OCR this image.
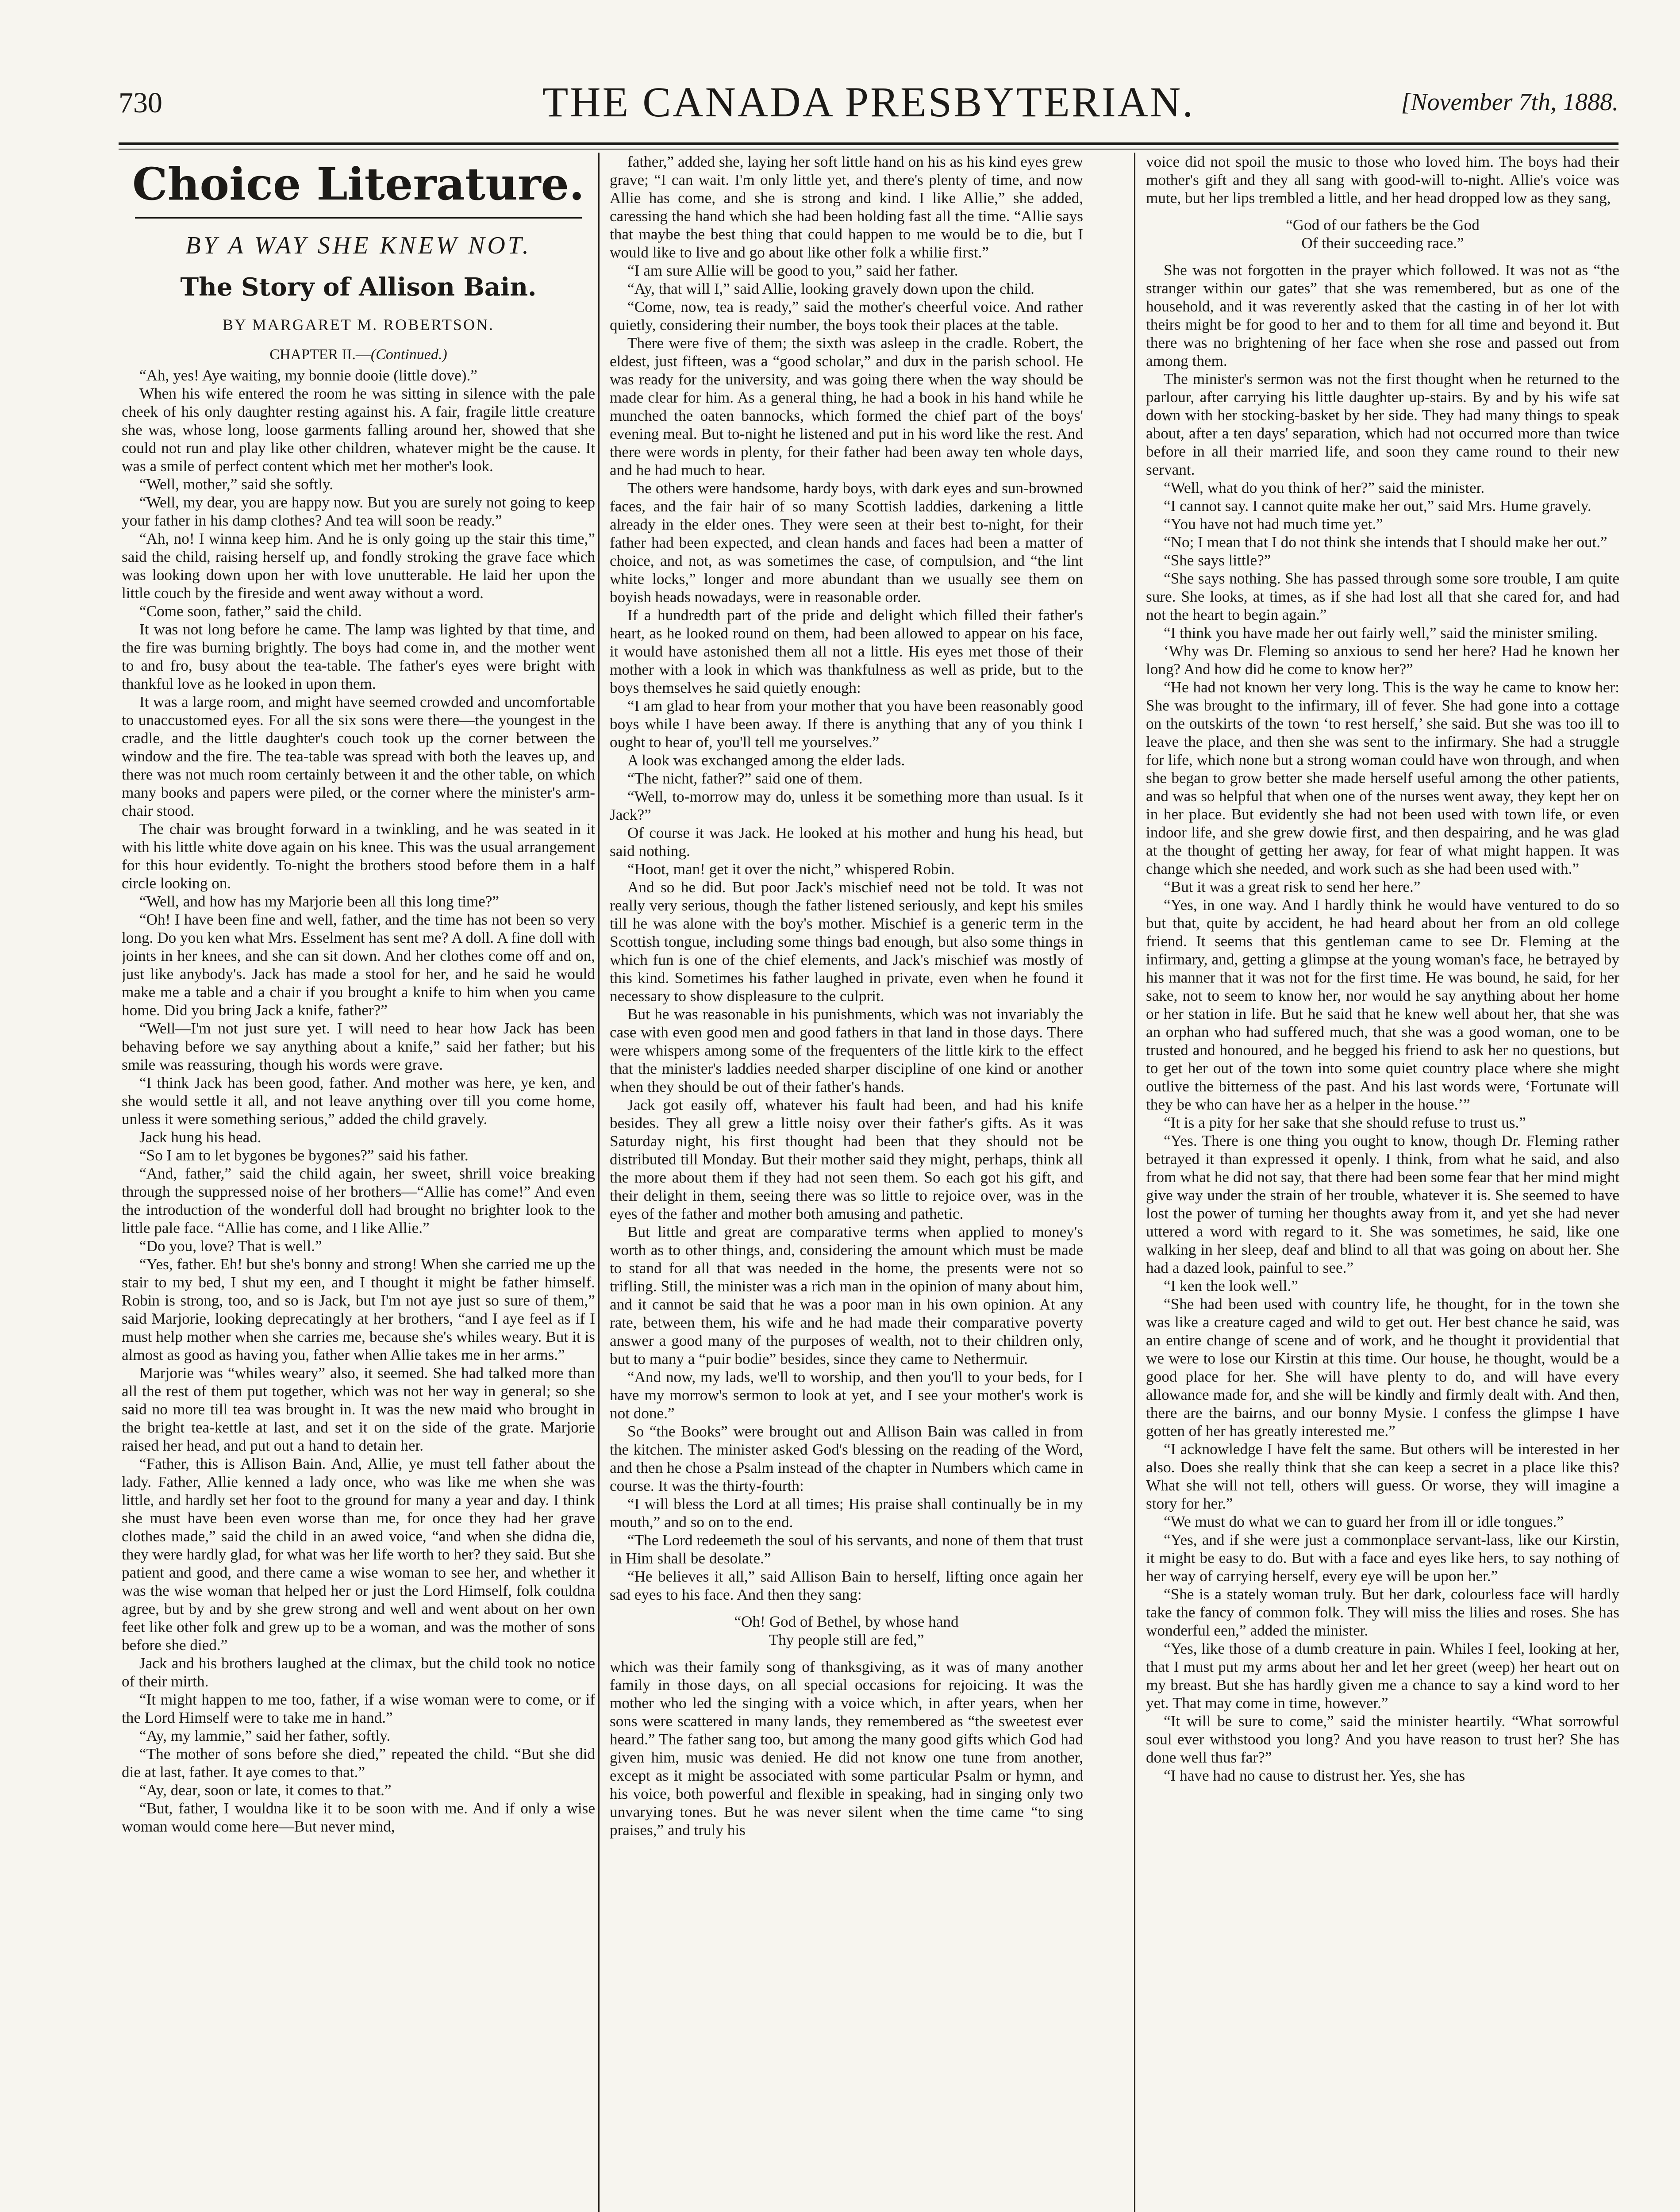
730	THE CANADA PRESBYTERIAN.	[November 7th, 1888.
Choice Literature.
BY A WAY SHE KNEW NOT.
The Story of Allison Bain.
BY MARGARET M. ROBERTSON.
CHAPTER II.—(Continued.)

“Ah, yes! Aye waiting, my bonnie dooie (little dove).”

When his wife entered the room he was sitting in silence with the pale cheek of his only daughter resting against his. A fair, fragile little creature she was, whose long, loose garments falling around her, showed that she could not run and play like other children, whatever might be the cause. It was a smile of perfect content which met her mother's look.

“Well, mother,” said she softly.

“Well, my dear, you are happy now. But you are surely not going to keep your father in his damp clothes? And tea will soon be ready.”

“Ah, no! I winna keep him. And he is only going up the stair this time,” said the child, raising herself up, and fondly stroking the grave face which was looking down upon her with love unutterable. He laid her upon the little couch by the fireside and went away without a word.

“Come soon, father,” said the child.

It was not long before he came. The lamp was lighted by that time, and the fire was burning brightly. The boys had come in, and the mother went to and fro, busy about the tea-table. The father's eyes were bright with thankful love as he looked in upon them.

It was a large room, and might have seemed crowded and uncomfortable to unaccustomed eyes. For all the six sons were there—the youngest in the cradle, and the little daughter's couch took up the corner between the window and the fire. The tea-table was spread with both the leaves up, and there was not much room certainly between it and the other table, on which many books and papers were piled, or the corner where the minister's arm-chair stood.

The chair was brought forward in a twinkling, and he was seated in it with his little white dove again on his knee. This was the usual arrangement for this hour evidently. To-night the brothers stood before them in a half circle looking on.

“Well, and how has my Marjorie been all this long time?”

“Oh! I have been fine and well, father, and the time has not been so very long. Do you ken what Mrs. Esselment has sent me? A doll. A fine doll with joints in her knees, and she can sit down. And her clothes come off and on, just like anybody's. Jack has made a stool for her, and he said he would make me a table and a chair if you brought a knife to him when you came home. Did you bring Jack a knife, father?”

“Well—I'm not just sure yet. I will need to hear how Jack has been behaving before we say anything about a knife,” said her father; but his smile was reassuring, though his words were grave.

“I think Jack has been good, father. And mother was here, ye ken, and she would settle it all, and not leave anything over till you come home, unless it were something serious,” added the child gravely.

Jack hung his head.

“So I am to let bygones be bygones?” said his father.

“And, father,” said the child again, her sweet, shrill voice breaking through the suppressed noise of her brothers—“Allie has come!” And even the introduction of the wonderful doll had brought no brighter look to the little pale face. “Allie has come, and I like Allie.”

“Do you, love? That is well.”

“Yes, father. Eh! but she's bonny and strong! When she carried me up the stair to my bed, I shut my een, and I thought it might be father himself. Robin is strong, too, and so is Jack, but I'm not aye just so sure of them,” said Marjorie, looking deprecatingly at her brothers, “and I aye feel as if I must help mother when she carries me, because she's whiles weary. But it is almost as good as having you, father when Allie takes me in her arms.”

Marjorie was “whiles weary” also, it seemed. She had talked more than all the rest of them put together, which was not her way in general; so she said no more till tea was brought in. It was the new maid who brought in the bright tea-kettle at last, and set it on the side of the grate. Marjorie raised her head, and put out a hand to detain her.

“Father, this is Allison Bain. And, Allie, ye must tell father about the lady. Father, Allie kenned a lady once, who was like me when she was little, and hardly set her foot to the ground for many a year and day. I think she must have been even worse than me, for once they had her grave clothes made,” said the child in an awed voice, “and when she didna die, they were hardly glad, for what was her life worth to her? they said. But she patient and good, and there came a wise woman to see her, and whether it was the wise woman that helped her or just the Lord Himself, folk couldna agree, but by and by she grew strong and well and went about on her own feet like other folk and grew up to be a woman, and was the mother of sons before she died.”

Jack and his brothers laughed at the climax, but the child took no notice of their mirth.

“It might happen to me too, father, if a wise woman were to come, or if the Lord Himself were to take me in hand.”

“Ay, my lammie,” said her father, softly.

“The mother of sons before she died,” repeated the child. “But she did die at last, father. It aye comes to that.”

“Ay, dear, soon or late, it comes to that.”

“But, father, I wouldna like it to be soon with me. And if only a wise woman would come here—But never mind,

father,” added she, laying her soft little hand on his as his kind eyes grew grave; “I can wait. I'm only little yet, and there's plenty of time, and now Allie has come, and she is strong and kind. I like Allie,” she added, caressing the hand which she had been holding fast all the time. “Allie says that maybe the best thing that could happen to me would be to die, but I would like to live and go about like other folk a whilie first.”

“I am sure Allie will be good to you,” said her father.

“Ay, that will I,” said Allie, looking gravely down upon the child.

“Come, now, tea is ready,” said the mother's cheerful voice. And rather quietly, considering their number, the boys took their places at the table.

There were five of them; the sixth was asleep in the cradle. Robert, the eldest, just fifteen, was a “good scholar,” and dux in the parish school. He was ready for the university, and was going there when the way should be made clear for him. As a general thing, he had a book in his hand while he munched the oaten bannocks, which formed the chief part of the boys' evening meal. But to-night he listened and put in his word like the rest. And there were words in plenty, for their father had been away ten whole days, and he had much to hear.

The others were handsome, hardy boys, with dark eyes and sun-browned faces, and the fair hair of so many Scottish laddies, darkening a little already in the elder ones. They were seen at their best to-night, for their father had been expected, and clean hands and faces had been a matter of choice, and not, as was sometimes the case, of compulsion, and “the lint white locks,” longer and more abundant than we usually see them on boyish heads nowadays, were in reasonable order.

If a hundredth part of the pride and delight which filled their father's heart, as he looked round on them, had been allowed to appear on his face, it would have astonished them all not a little. His eyes met those of their mother with a look in which was thankfulness as well as pride, but to the boys themselves he said quietly enough:

“I am glad to hear from your mother that you have been reasonably good boys while I have been away. If there is anything that any of you think I ought to hear of, you'll tell me yourselves.”

A look was exchanged among the elder lads.

“The nicht, father?” said one of them.

“Well, to-morrow may do, unless it be something more than usual. Is it Jack?”

Of course it was Jack. He looked at his mother and hung his head, but said nothing.

“Hoot, man! get it over the nicht,” whispered Robin.

And so he did. But poor Jack's mischief need not be told. It was not really very serious, though the father listened seriously, and kept his smiles till he was alone with the boy's mother. Mischief is a generic term in the Scottish tongue, including some things bad enough, but also some things in which fun is one of the chief elements, and Jack's mischief was mostly of this kind. Sometimes his father laughed in private, even when he found it necessary to show displeasure to the culprit.

But he was reasonable in his punishments, which was not invariably the case with even good men and good fathers in that land in those days. There were whispers among some of the frequenters of the little kirk to the effect that the minister's laddies needed sharper discipline of one kind or another when they should be out of their father's hands.

Jack got easily off, whatever his fault had been, and had his knife besides. They all grew a little noisy over their father's gifts. As it was Saturday night, his first thought had been that they should not be distributed till Monday. But their mother said they might, perhaps, think all the more about them if they had not seen them. So each got his gift, and their delight in them, seeing there was so little to rejoice over, was in the eyes of the father and mother both amusing and pathetic.

But little and great are comparative terms when applied to money's worth as to other things, and, considering the amount which must be made to stand for all that was needed in the home, the presents were not so trifling. Still, the minister was a rich man in the opinion of many about him, and it cannot be said that he was a poor man in his own opinion. At any rate, between them, his wife and he had made their comparative poverty answer a good many of the purposes of wealth, not to their children only, but to many a “puir bodie” besides, since they came to Nethermuir.

“And now, my lads, we'll to worship, and then you'll to your beds, for I have my morrow's sermon to look at yet, and I see your mother's work is not done.”

So “the Books” were brought out and Allison Bain was called in from the kitchen. The minister asked God's blessing on the reading of the Word, and then he chose a Psalm instead of the chapter in Numbers which came in course. It was the thirty-fourth:

“I will bless the Lord at all times; His praise shall continually be in my mouth,” and so on to the end.

“The Lord redeemeth the soul of his servants, and none of them that trust in Him shall be desolate.”

“He believes it all,” said Allison Bain to herself, lifting once again her sad eyes to his face. And then they sang:

“Oh! God of Bethel, by whose hand
Thy people still are fed,”

which was their family song of thanksgiving, as it was of many another family in those days, on all special occasions for rejoicing. It was the mother who led the singing with a voice which, in after years, when her sons were scattered in many lands, they remembered as “the sweetest ever heard.” The father sang too, but among the many good gifts which God had given him, music was denied. He did not know one tune from another, except as it might be associated with some particular Psalm or hymn, and his voice, both powerful and flexible in speaking, had in singing only two unvarying tones. But he was never silent when the time came “to sing praises,” and truly his

voice did not spoil the music to those who loved him. The boys had their mother's gift and they all sang with good-will to-night. Allie's voice was mute, but her lips trembled a little, and her head dropped low as they sang,

“God of our fathers be the God
Of their succeeding race.”

She was not forgotten in the prayer which followed. It was not as “the stranger within our gates” that she was remembered, but as one of the household, and it was reverently asked that the casting in of her lot with theirs might be for good to her and to them for all time and beyond it. But there was no brightening of her face when she rose and passed out from among them.

The minister's sermon was not the first thought when he returned to the parlour, after carrying his little daughter up-stairs. By and by his wife sat down with her stocking-basket by her side. They had many things to speak about, after a ten days' separation, which had not occurred more than twice before in all their married life, and soon they came round to their new servant.

“Well, what do you think of her?” said the minister.

“I cannot say. I cannot quite make her out,” said Mrs. Hume gravely.

“You have not had much time yet.”

“No; I mean that I do not think she intends that I should make her out.”

“She says little?”

“She says nothing. She has passed through some sore trouble, I am quite sure. She looks, at times, as if she had lost all that she cared for, and had not the heart to begin again.”

“I think you have made her out fairly well,” said the minister smiling.

‘Why was Dr. Fleming so anxious to send her here? Had he known her long? And how did he come to know her?”

“He had not known her very long. This is the way he came to know her: She was brought to the infirmary, ill of fever. She had gone into a cottage on the outskirts of the town ‘to rest herself,’ she said. But she was too ill to leave the place, and then she was sent to the infirmary. She had a struggle for life, which none but a strong woman could have won through, and when she began to grow better she made herself useful among the other patients, and was so helpful that when one of the nurses went away, they kept her on in her place. But evidently she had not been used with town life, or even indoor life, and she grew dowie first, and then despairing, and he was glad at the thought of getting her away, for fear of what might happen. It was change which she needed, and work such as she had been used with.”

“But it was a great risk to send her here.”

“Yes, in one way. And I hardly think he would have ventured to do so but that, quite by accident, he had heard about her from an old college friend. It seems that this gentleman came to see Dr. Fleming at the infirmary, and, getting a glimpse at the young woman's face, he betrayed by his manner that it was not for the first time. He was bound, he said, for her sake, not to seem to know her, nor would he say anything about her home or her station in life. But he said that he knew well about her, that she was an orphan who had suffered much, that she was a good woman, one to be trusted and honoured, and he begged his friend to ask her no questions, but to get her out of the town into some quiet country place where she might outlive the bitterness of the past. And his last words were, ‘Fortunate will they be who can have her as a helper in the house.’”

“It is a pity for her sake that she should refuse to trust us.”

“Yes. There is one thing you ought to know, though Dr. Fleming rather betrayed it than expressed it openly. I think, from what he said, and also from what he did not say, that there had been some fear that her mind might give way under the strain of her trouble, whatever it is. She seemed to have lost the power of turning her thoughts away from it, and yet she had never uttered a word with regard to it. She was sometimes, he said, like one walking in her sleep, deaf and blind to all that was going on about her. She had a dazed look, painful to see.”

“I ken the look well.”

“She had been used with country life, he thought, for in the town she was like a creature caged and wild to get out. Her best chance he said, was an entire change of scene and of work, and he thought it providential that we were to lose our Kirstin at this time. Our house, he thought, would be a good place for her. She will have plenty to do, and will have every allowance made for, and she will be kindly and firmly dealt with. And then, there are the bairns, and our bonny Mysie. I confess the glimpse I have gotten of her has greatly interested me.”

“I acknowledge I have felt the same. But others will be interested in her also. Does she really think that she can keep a secret in a place like this? What she will not tell, others will guess. Or worse, they will imagine a story for her.”

“We must do what we can to guard her from ill or idle tongues.”

“Yes, and if she were just a commonplace servant-lass, like our Kirstin, it might be easy to do. But with a face and eyes like hers, to say nothing of her way of carrying herself, every eye will be upon her.”

“She is a stately woman truly. But her dark, colourless face will hardly take the fancy of common folk. They will miss the lilies and roses. She has wonderful een,” added the minister.

“Yes, like those of a dumb creature in pain. Whiles I feel, looking at her, that I must put my arms about her and let her greet (weep) her heart out on my breast. But she has hardly given me a chance to say a kind word to her yet. That may come in time, however.”

“It will be sure to come,” said the minister heartily. “What sorrowful soul ever withstood you long? And you have reason to trust her? She has done well thus far?”

“I have had no cause to distrust her. Yes, she has
